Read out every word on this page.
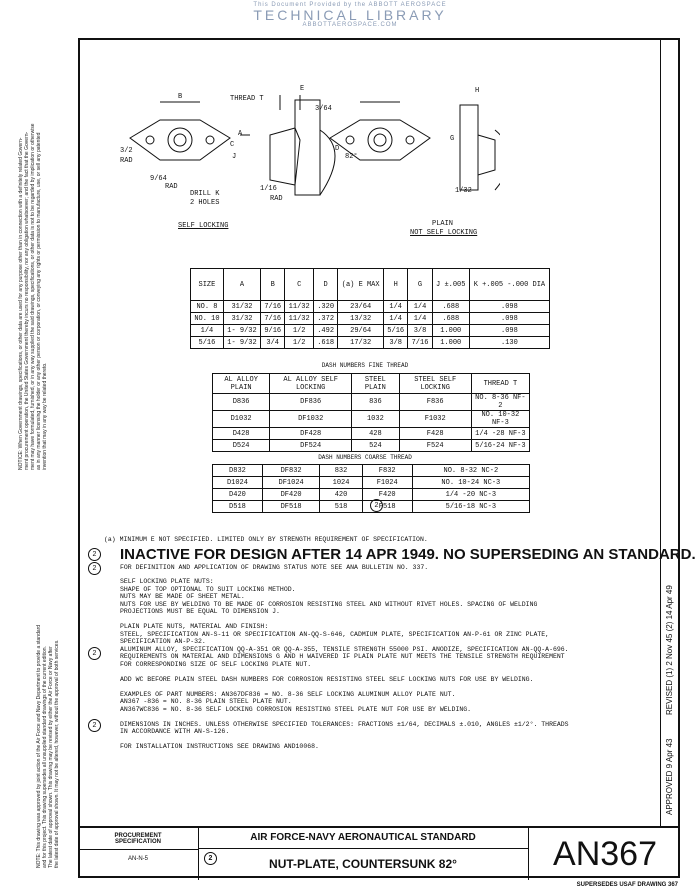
This Document Provided by the ABBOTT AEROSPACE
TECHNICAL LIBRARY
ABBOTTAEROSPACE.COM
NOTICE: When Government drawings, specifications, or other data are used for any purpose other than in connection with a definitely related Govern- ment procurement operation, the United States Government thereby incurs no responsibility, nor any obligation whatsoever; and the fact that the Govern- ment may have formulated, furnished, or in any way supplied the said drawings, specifications, or other data is not to be regarded by implication or otherwise as in any manner licensing the holder or any other person or corporation, or conveying any rights or permission to manufacture, use, or sell any patented invention that may in any way be related thereto.
NOTE: This drawing was approved by joint action of the Air Force and Navy Department to provide a standard and for this project. This drawing supersedes all unsupplied standard drawings of the current edition. The latest date of approval shown. This drawing may be revised by either the Air Force or Navy after the latest date of approval shown. It may not be altered, however, without the approval of both services.	APPROVED 9 Apr 43
REVISED (1) 2 Nov 45 (2) 14 Apr 49
B
E
THREAD T
3/64
A
C	D
82°
J
3/2
RAD
9/64
RAD
DRILL K
2 HOLES
1/16
RAD
H
G
1/32
SELF LOCKING	PLAIN
NOT SELF LOCKING
SIZE	A	B	C	D	(a) E MAX	H	G	J ±.005	K +.005 -.000 DIA
NO. 8	31/32	7/16	11/32	.320	23/64	1/4	1/4	.688	.098
NO. 10	31/32	7/16	11/32	.372	13/32	1/4	1/4	.688	.098
1/4	1- 9/32	9/16	1/2	.492	29/64	5/16	3/8	1.000	.098
5/16	1- 9/32	3/4	1/2	.618	17/32	3/8	7/16	1.000	.130
DASH NUMBERS FINE THREAD
AL ALLOY PLAIN	AL ALLOY SELF LOCKING	STEEL PLAIN	STEEL SELF LOCKING	THREAD T
D836	DF836	836	F836	NO. 8-36 NF-2
D1032	DF1032	1032	F1032	NO. 10-32 NF-3
D428	DF428	428	F428	1/4 -28 NF-3
D524	DF524	524	F524	5/16-24 NF-3
DASH NUMBERS COARSE THREAD
D832	DF832	832	F832	NO. 8-32 NC-2
D1024	DF1024	1024	F1024	NO. 10-24 NC-3
D420	DF420	420	F420	1/4 -20 NC-3
D518	DF518	518	F518	5/16-18 NC-3
(a) MINIMUM E NOT SPECIFIED. LIMITED ONLY BY STRENGTH REQUIREMENT OF SPECIFICATION.
2	INACTIVE FOR DESIGN AFTER 14 APR 1949. NO SUPERSEDING AN STANDARD.
2	FOR DEFINITION AND APPLICATION OF DRAWING STATUS NOTE SEE ANA BULLETIN NO. 337.
SELF LOCKING PLATE NUTS:
SHAPE OF TOP OPTIONAL TO SUIT LOCKING METHOD.
NUTS MAY BE MADE OF SHEET METAL.
NUTS FOR USE BY WELDING TO BE MADE OF CORROSION RESISTING STEEL AND WITHOUT RIVET HOLES. SPACING OF WELDING
PROJECTIONS MUST BE EQUAL TO DIMENSION J.
PLAIN PLATE NUTS, MATERIAL AND FINISH:
STEEL, SPECIFICATION AN-S-11 OR SPECIFICATION AN-QQ-S-646, CADMIUM PLATE, SPECIFICATION AN-P-61 OR ZINC PLATE,
SPECIFICATION AN-P-32.
ALUMINUM ALLOY, SPECIFICATION QQ-A-351 OR QQ-A-355, TENSILE STRENGTH 55000 PSI. ANODIZE, SPECIFICATION AN-QQ-A-696.
REQUIREMENTS ON MATERIAL AND DIMENSIONS G AND H WAIVERED IF PLAIN PLATE NUT MEETS THE TENSILE STRENGTH REQUIREMENT
FOR CORRESPONDING SIZE OF SELF LOCKING PLATE NUT.
ADD WC BEFORE PLAIN STEEL DASH NUMBERS FOR CORROSION RESISTING STEEL SELF LOCKING NUTS FOR USE BY WELDING.
EXAMPLES OF PART NUMBERS: AN367DF836 = NO. 8-36 SELF LOCKING ALUMINUM ALLOY PLATE NUT.
AN367 -836 = NO. 8-36 PLAIN STEEL PLATE NUT.
AN367WC836 = NO. 8-36 SELF LOCKING CORROSION RESISTING STEEL PLATE NUT FOR USE BY WELDING.
DIMENSIONS IN INCHES. UNLESS OTHERWISE SPECIFIED TOLERANCES: FRACTIONS ±1/64, DECIMALS ±.010, ANGLES ±1/2°. THREADS
IN ACCORDANCE WITH AN-S-126.
FOR INSTALLATION INSTRUCTIONS SEE DRAWING AND10068.
2
2
2
PROCUREMENT
SPECIFICATION
AN-N-5
AIR FORCE-NAVY AERONAUTICAL STANDARD
2	NUT-PLATE, COUNTERSUNK 82°	AN367
SUPERSEDES USAF DRAWING 367
